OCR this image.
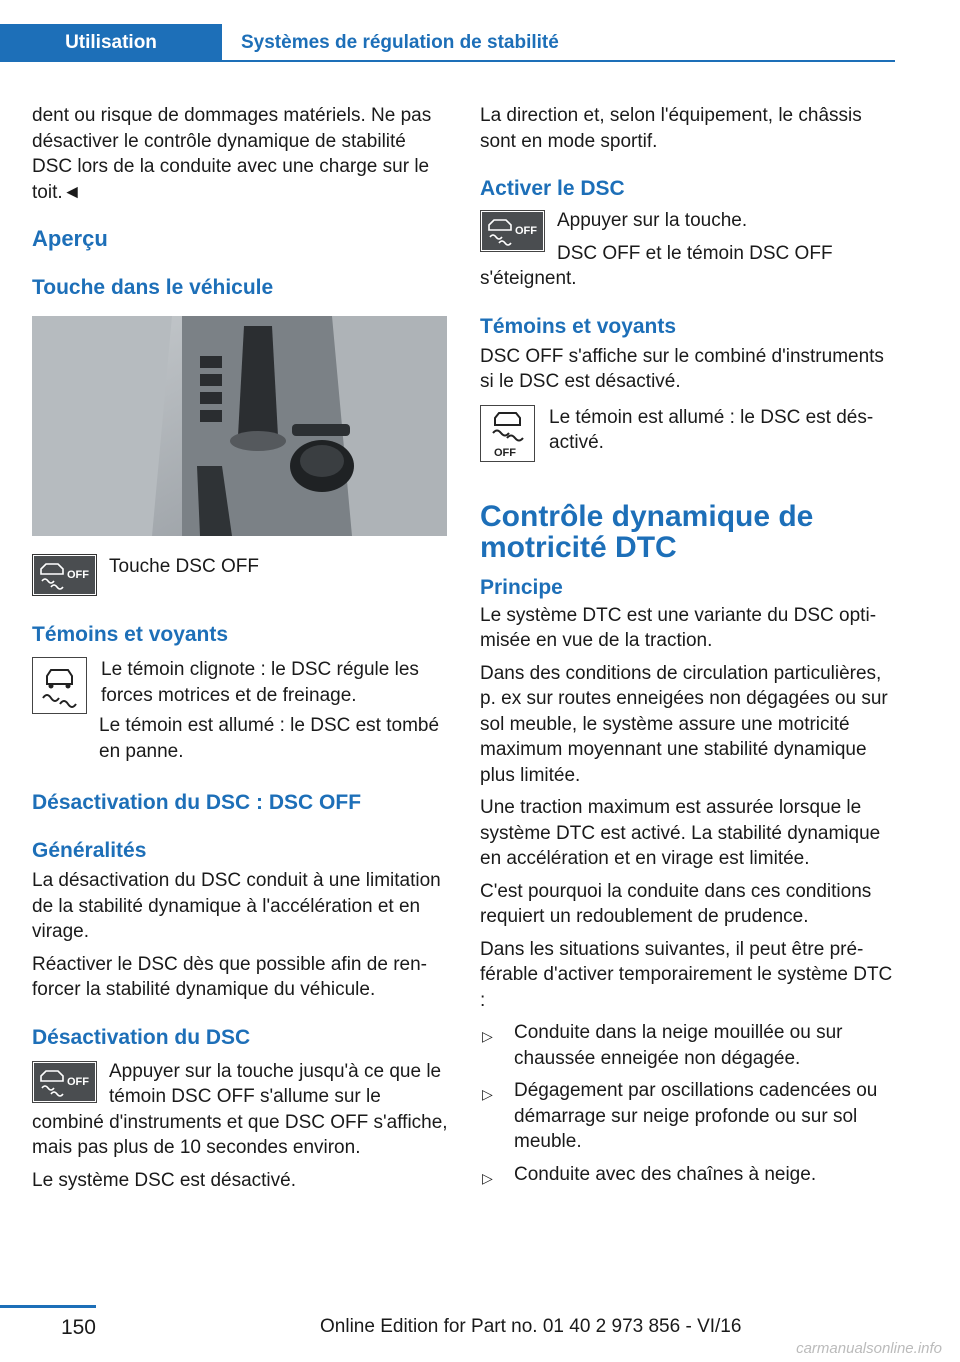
Utilisation	Systèmes de régulation de stabilité

dent ou risque de dommages matériels. Ne pas désactiver le contrôle dynamique de stabilité DSC lors de la conduite avec une charge sur le toit.◄

Aperçu
Touche dans le véhicule
OFF	Touche DSC OFF
Témoins et voyants

Le témoin clignote : le DSC régule les forces motrices et de freinage.

Le témoin est allumé : le DSC est tombé en panne.

Désactivation du DSC : DSC OFF
Généralités

La désactivation du DSC conduit à une limitation de la stabilité dynamique à l'accélération et en virage.

Réactiver le DSC dès que possible afin de renforcer la stabilité dynamique du véhicule.

Désactivation du DSC
OFF	Appuyer sur la touche jusqu'à ce que le témoin DSC OFF s'allume sur le combiné d'instruments et que DSC OFF s'affiche, mais pas plus de 10 secondes environ.

Le système DSC est désactivé.

La direction et, selon l'équipement, le châssis sont en mode sportif.

Activer le DSC
OFF	Appuyer sur la touche.

DSC OFF et le témoin DSC OFF s'éteignent.

Témoins et voyants

DSC OFF s'affiche sur le combiné d'instruments si le DSC est désactivé.

OFF

Le témoin est allumé : le DSC est désactivé.

Contrôle dynamique de motricité DTC
Principe

Le système DTC est une variante du DSC optimisée en vue de la traction.

Dans des conditions de circulation particulières, p. ex sur routes enneigées non dégagées ou sur sol meuble, le système assure une motricité maximum moyennant une stabilité dynamique plus limitée.

Une traction maximum est assurée lorsque le système DTC est activé. La stabilité dynamique en accélération et en virage est limitée.

C'est pourquoi la conduite dans ces conditions requiert un redoublement de prudence.

Dans les situations suivantes, il peut être préférable d'activer temporairement le système DTC :

▷ Conduite dans la neige mouillée ou sur chaussée enneigée non dégagée.
▷ Dégagement par oscillations cadencées ou démarrage sur neige profonde ou sur sol meuble.
▷ Conduite avec des chaînes à neige.
150	Online Edition for Part no. 01 40 2 973 856 - VI/16
carmanualsonline.info
